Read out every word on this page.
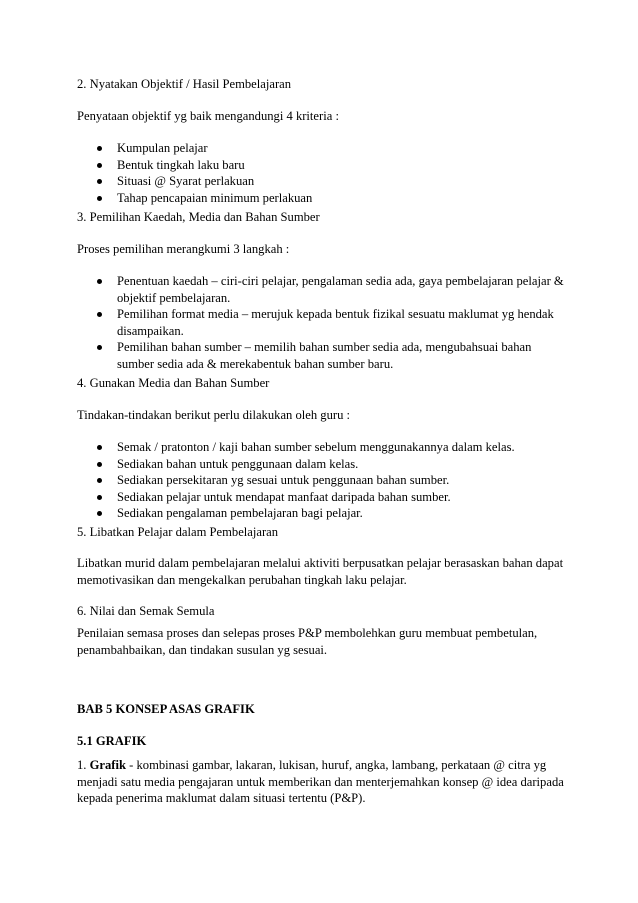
2. Nyatakan Objektif / Hasil Pembelajaran

Penyataan objektif yg baik mengandungi 4 kriteria :

Kumpulan pelajar
Bentuk tingkah laku baru
Situasi @ Syarat perlakuan
Tahap pencapaian minimum perlakuan

3. Pemilihan Kaedah, Media dan Bahan Sumber

Proses pemilihan merangkumi 3 langkah :

Penentuan kaedah – ciri-ciri pelajar, pengalaman sedia ada, gaya pembelajaran pelajar & objektif pembelajaran.
Pemilihan format media – merujuk kepada bentuk fizikal sesuatu maklumat yg hendak disampaikan.
Pemilihan bahan sumber – memilih bahan sumber sedia ada, mengubahsuai bahan sumber sedia ada & merekabentuk bahan sumber baru.

4. Gunakan Media dan Bahan Sumber

Tindakan-tindakan berikut perlu dilakukan oleh guru :

Semak / pratonton / kaji bahan sumber sebelum menggunakannya dalam kelas.
Sediakan bahan untuk penggunaan dalam kelas.
Sediakan persekitaran yg sesuai untuk penggunaan bahan sumber.
Sediakan pelajar untuk mendapat manfaat daripada bahan sumber.
Sediakan pengalaman pembelajaran bagi pelajar.

5. Libatkan Pelajar dalam Pembelajaran

Libatkan murid dalam pembelajaran melalui aktiviti berpusatkan pelajar berasaskan bahan dapat memotivasikan dan mengekalkan perubahan tingkah laku pelajar.

6. Nilai dan Semak Semula

Penilaian semasa proses dan selepas proses P&P membolehkan guru membuat pembetulan, penambahbaikan, dan tindakan susulan yg sesuai.

BAB 5 KONSEP ASAS GRAFIK

5.1 GRAFIK

1. Grafik - kombinasi gambar, lakaran, lukisan, huruf, angka, lambang, perkataan @ citra yg menjadi satu media pengajaran untuk memberikan dan menterjemahkan konsep @ idea daripada kepada penerima maklumat dalam situasi tertentu (P&P).
